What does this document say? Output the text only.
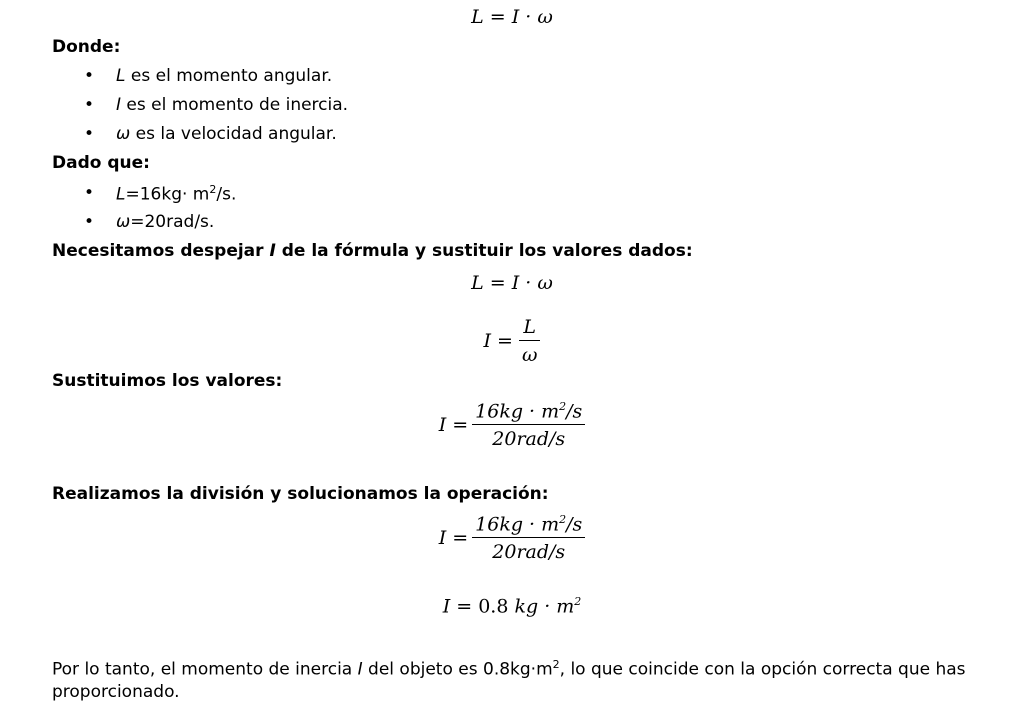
L = I · ω
Donde:
• L es el momento angular.
• I es el momento de inercia.
• ω es la velocidad angular.
Dado que:
• $L=16kg\cdot m^2/s$.
• ω=20rad/s.
Necesitamos despejar I de la fórmula y sustituir los valores dados:
L = I · ω
$I = \frac{L}{\omega}$
Sustituimos los valores:
$I = \frac{16kg \cdot m^2/s}{\text{20rad/s}}$
Realizamos la división y solucionamos la operación:
$I = \frac{16kg \cdot m^2/s}{\text{20rad/s}}$
I = 0.8 kg · $m^2$
Por lo tanto, el momento de inercia I del objeto es $0.8kg\cdot m^2$, lo que coincide con la opción correcta que has proporcionado.
